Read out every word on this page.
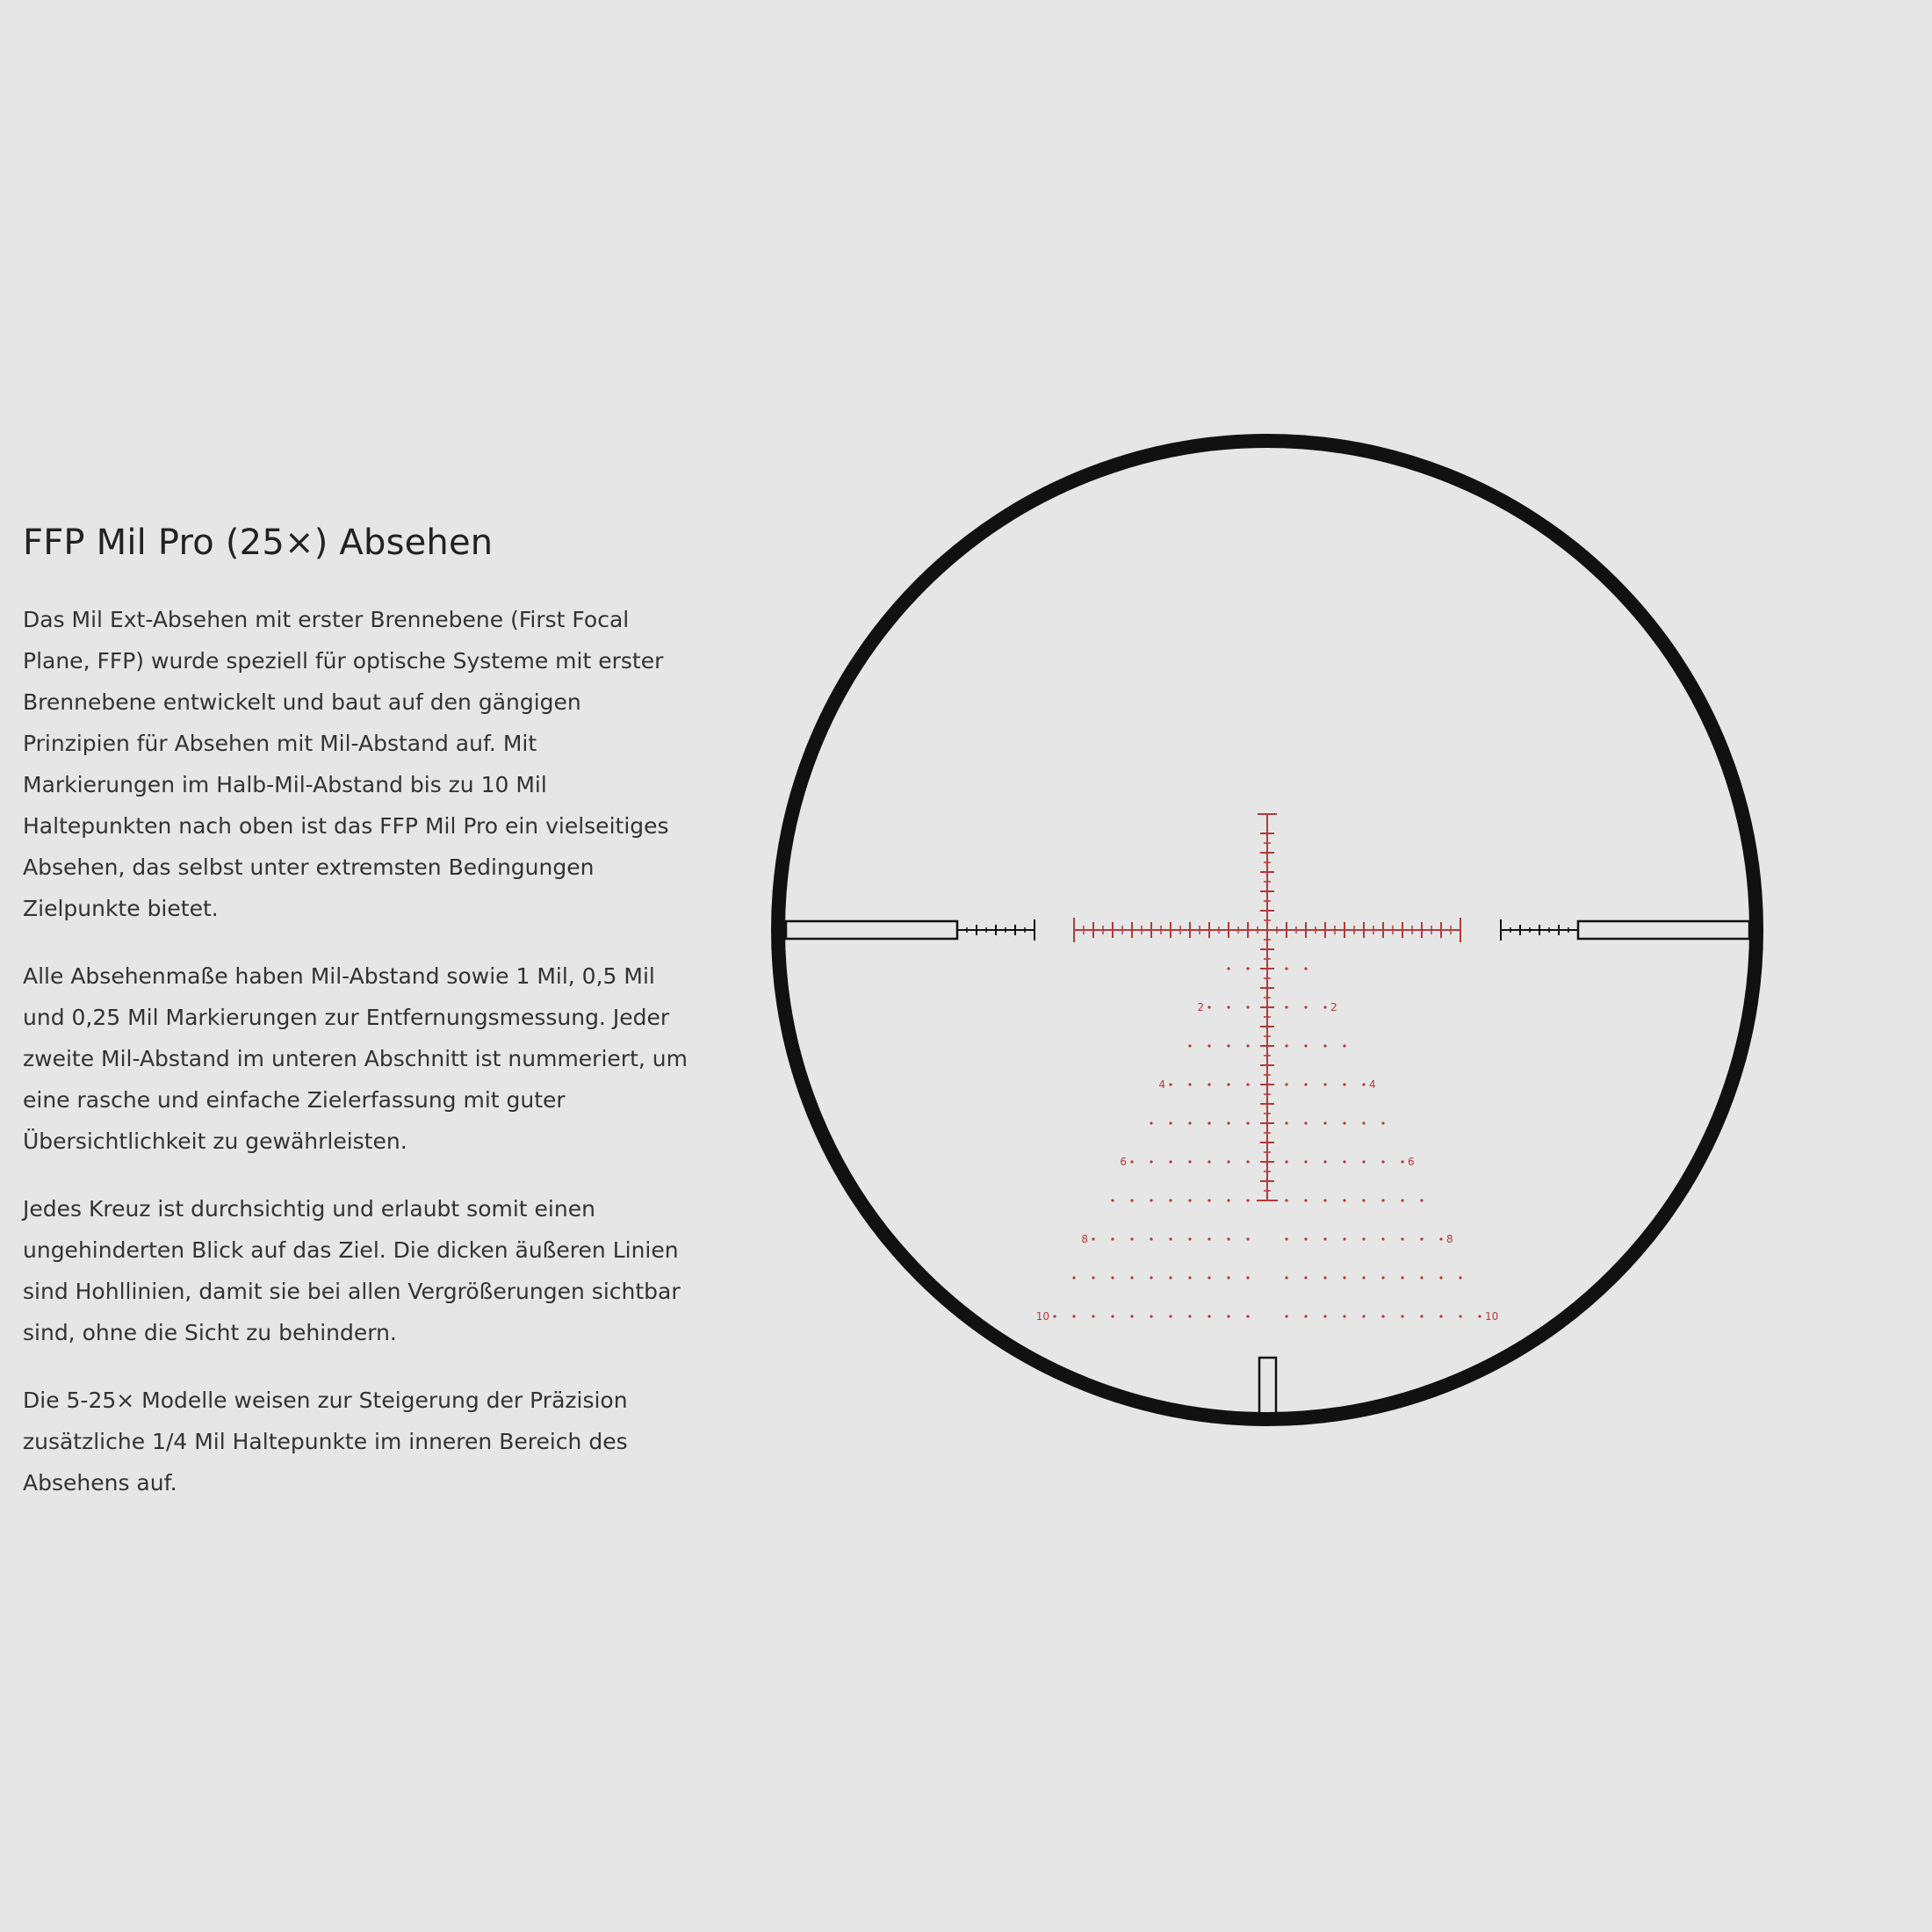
FFP Mil Pro (25×) Absehen

Das Mil Ext-Absehen mit erster Brennebene (First Focal Plane, FFP) wurde speziell für optische Systeme mit erster Brennebene entwickelt und baut auf den gängigen Prinzipien für Absehen mit Mil-Abstand auf. Mit Markierungen im Halb-Mil-Abstand bis zu 10 Mil Haltepunkten nach oben ist das FFP Mil Pro ein vielseitiges Absehen, das selbst unter extremsten Bedingungen Zielpunkte bietet.

Alle Absehenmaße haben Mil-Abstand sowie 1 Mil, 0,5 Mil und 0,25 Mil Markierungen zur Entfernungsmessung. Jeder zweite Mil-Abstand im unteren Abschnitt ist nummeriert, um eine rasche und einfache Zielerfassung mit guter Übersichtlichkeit zu gewährleisten.

Jedes Kreuz ist durchsichtig und erlaubt somit einen ungehinderten Blick auf das Ziel. Die dicken äußeren Linien sind Hohllinien, damit sie bei allen Vergrößerungen sichtbar sind, ohne die Sicht zu behindern.

Die 5-25× Modelle weisen zur Steigerung der Präzision zusätzliche 1/4 Mil Haltepunkte im inneren Bereich des Absehens auf.

2	2
4	4
6	6
8	8
10	10
